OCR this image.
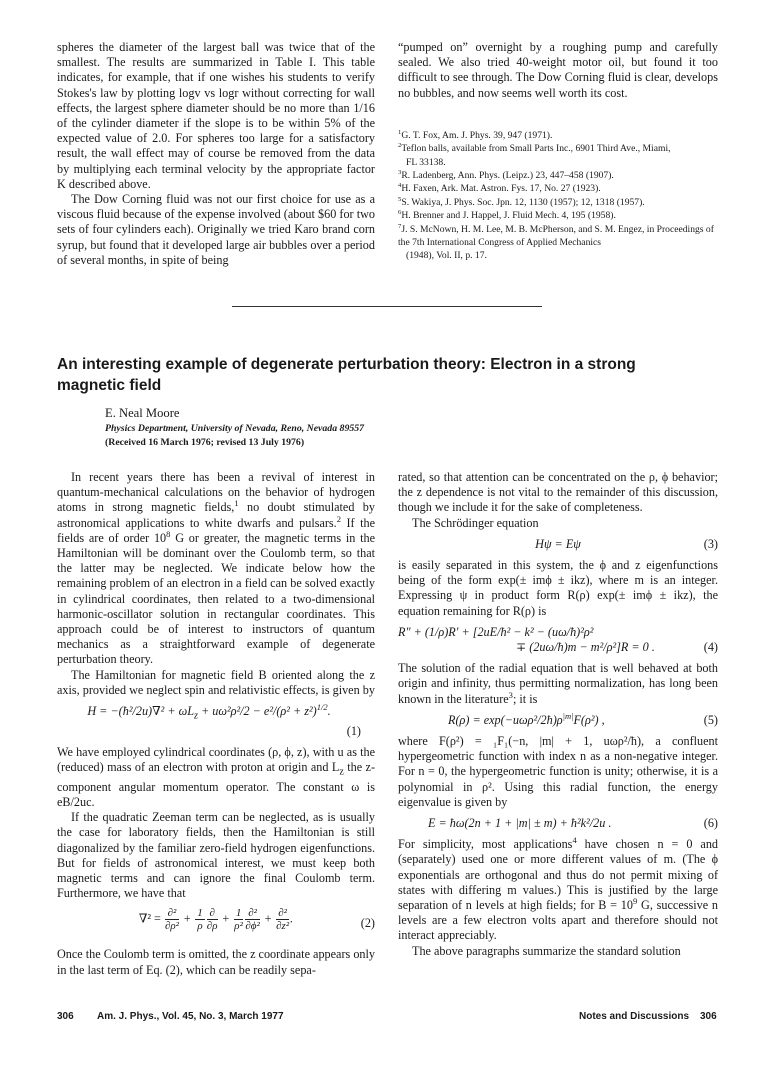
spheres the diameter of the largest ball was twice that of the smallest. The results are summarized in Table I. This table indicates, for example, that if one wishes his students to verify Stokes's law by plotting logv vs logr without correcting for wall effects, the largest sphere diameter should be no more than 1/16 of the cylinder diameter if the slope is to be within 5% of the expected value of 2.0. For spheres too large for a satisfactory result, the wall effect may of course be removed from the data by multiplying each terminal velocity by the appropriate factor K described above.

The Dow Corning fluid was not our first choice for use as a viscous fluid because of the expense involved (about $60 for two sets of four cylinders each). Originally we tried Karo brand corn syrup, but found that it developed large air bubbles over a period of several months, in spite of being

“pumped on” overnight by a roughing pump and carefully sealed. We also tried 40-weight motor oil, but found it too difficult to see through. The Dow Corning fluid is clear, develops no bubbles, and now seems well worth its cost.

$^1$G. T. Fox, Am. J. Phys. 39, 947 (1971).

$^2$Teflon balls, available from Small Parts Inc., 6901 Third Ave., Miami,

FL 33138.

$^3$R. Ladenberg, Ann. Phys. (Leipz.) 23, 447–458 (1907).

$^4$H. Faxen, Ark. Mat. Astron. Fys. 17, No. 27 (1923).

$^5$S. Wakiya, J. Phys. Soc. Jpn. 12, 1130 (1957); 12, 1318 (1957).

$^6$H. Brenner and J. Happel, J. Fluid Mech. 4, 195 (1958).

$^7$J. S. McNown, H. M. Lee, M. B. McPherson, and S. M. Engez, in Proceedings of the 7th International Congress of Applied Mechanics

(1948), Vol. II, p. 17.

An interesting example of degenerate perturbation theory: Electron in a strong magnetic field

E. Neal Moore

Physics Department, University of Nevada, Reno, Nevada 89557

(Received 16 March 1976; revised 13 July 1976)

In recent years there has been a revival of interest in quantum-mechanical calculations on the behavior of hydrogen atoms in strong magnetic fields,$^1$ no doubt stimulated by astronomical applications to white dwarfs and pulsars.$^2$ If the fields are of order $10^8$ G or greater, the magnetic terms in the Hamiltonian will be dominant over the Coulomb term, so that the latter may be neglected. We indicate below how the remaining problem of an electron in a field can be solved exactly in cylindrical coordinates, then related to a two-dimensional harmonic-oscillator solution in rectangular coordinates. This approach could be of interest to instructors of quantum mechanics as a straightforward example of degenerate perturbation theory.

The Hamiltonian for magnetic field B oriented along the z axis, provided we neglect spin and relativistic effects, is given by

H = −(ħ²/2u)∇² + $\omega L_z + u\omega^2\rho^2/2 - e^2/(\rho^2 + z^2)^{1/2}$.
(1)

We have employed cylindrical coordinates (ρ, ϕ, z), with u as the (reduced) mass of an electron with proton at origin and $L_z$ the z-component angular momentum operator. The constant ω is eB/2uc.

If the quadratic Zeeman term can be neglected, as is usually the case for laboratory fields, then the Hamiltonian is still diagonalized by the familiar zero-field hydrogen eigenfunctions. But for fields of astronomical interest, we must keep both magnetic terms and can ignore the final Coulomb term. Furthermore, we have that

$\nabla^2 = \frac{\text{∂²}}{\text{∂ρ²}} + \frac{1}{\rho} \frac{\partial}{\partial\rho} + \frac{1}{\text{ρ²}} \frac{\text{∂²}}{\text{∂ϕ²}} + \frac{\text{∂²}}{\text{∂z²}}$ .	(2)

Once the Coulomb term is omitted, the z coordinate appears only in the last term of Eq. (2), which can be readily sepa-

rated, so that attention can be concentrated on the ρ, ϕ behavior; the z dependence is not vital to the remainder of this discussion, though we include it for the sake of completeness.

The Schrödinger equation

Hψ = Eψ	(3)

is easily separated in this system, the ϕ and z eigenfunctions being of the form exp(± imϕ ± ikz), where m is an integer. Expressing ψ in product form R(ρ) exp(± imϕ ± ikz), the equation remaining for R(ρ) is

R″ + (1/ρ)R′ + [2uE/ħ² − k² − (uω/ħ)²ρ²
∓ (2uω/ħ)m − m²/ρ²]R = 0 .	(4)

The solution of the radial equation that is well behaved at both origin and infinity, thus permitting normalization, has long been known in the literature$^3$; it is

$R(\rho) = \exp(-u\omega\rho^2/2ħ)\rho^{|m|}F(\rho^2)$ ,	(5)

where F(ρ²) = ₁F₁(−n, |m| + 1, uωρ²/ħ), a confluent hypergeometric function with index n as a non-negative integer. For n = 0, the hypergeometric function is unity; otherwise, it is a polynomial in ρ². Using this radial function, the energy eigenvalue is given by

E = ħω(2n + 1 + |m| ± m) + ħ²k²/2u .	(6)

For simplicity, most applications$^4$ have chosen n = 0 and (separately) used one or more different values of m. (The ϕ exponentials are orthogonal and thus do not permit mixing of states with differing m values.) This is justified by the large separation of n levels at high fields; for $B = 10^9$ G, successive n levels are a few electron volts apart and therefore should not interact appreciably.

The above paragraphs summarize the standard solution

306 Am. J. Phys., Vol. 45, No. 3, March 1977	Notes and Discussions 306
